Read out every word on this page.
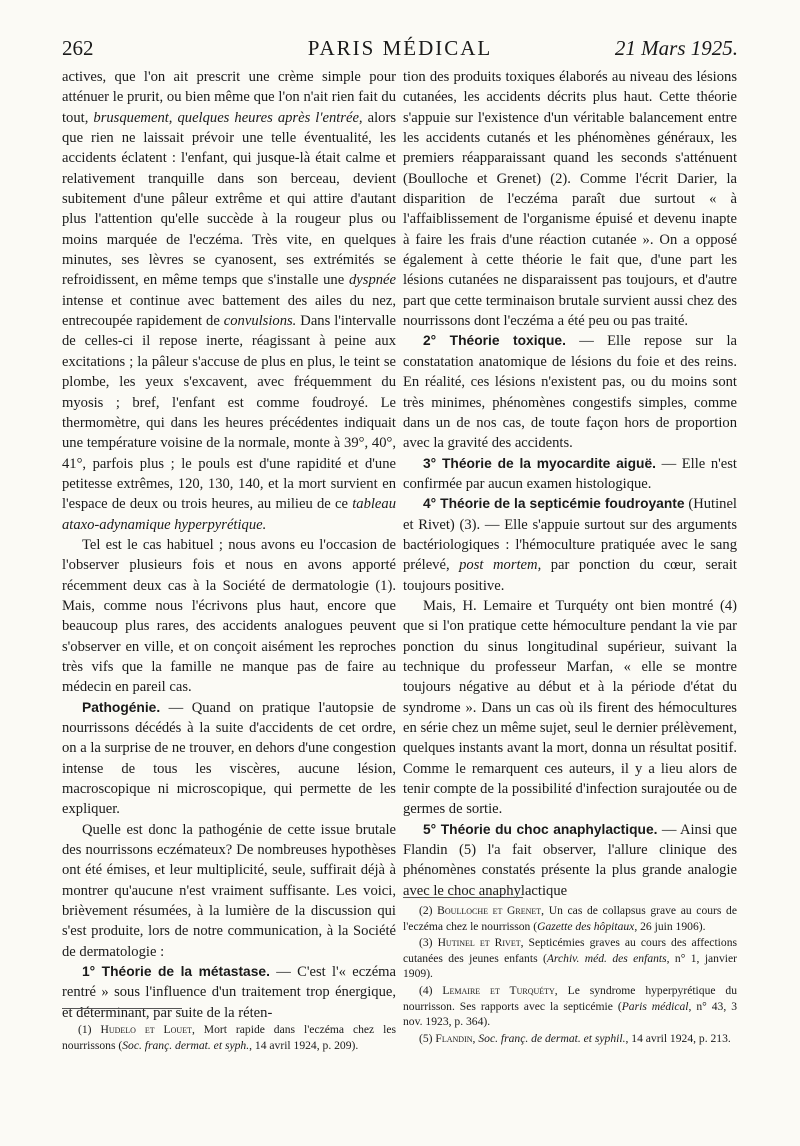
262	PARIS MÉDICAL	21 Mars 1925.

actives, que l'on ait prescrit une crème simple pour atténuer le prurit, ou bien même que l'on n'ait rien fait du tout, brusquement, quelques heures après l'entrée, alors que rien ne laissait prévoir une telle éventualité, les accidents éclatent : l'enfant, qui jusque-là était calme et relativement tranquille dans son berceau, devient subitement d'une pâleur extrême et qui attire d'autant plus l'attention qu'elle succède à la rougeur plus ou moins marquée de l'eczéma. Très vite, en quelques minutes, ses lèvres se cyanosent, ses extrémités se refroidissent, en même temps que s'installe une dyspnée intense et continue avec battement des ailes du nez, entrecoupée rapidement de convulsions. Dans l'intervalle de celles-ci il repose inerte, réagissant à peine aux excitations ; la pâleur s'accuse de plus en plus, le teint se plombe, les yeux s'excavent, avec fréquemment du myosis ; bref, l'enfant est comme foudroyé. Le thermomètre, qui dans les heures précédentes indiquait une température voisine de la normale, monte à 39°, 40°, 41°, parfois plus ; le pouls est d'une rapidité et d'une petitesse extrêmes, 120, 130, 140, et la mort survient en l'espace de deux ou trois heures, au milieu de ce tableau ataxo-adynamique hyperpyrétique.

Tel est le cas habituel ; nous avons eu l'occasion de l'observer plusieurs fois et nous en avons apporté récemment deux cas à la Société de dermatologie (1). Mais, comme nous l'écrivons plus haut, encore que beaucoup plus rares, des accidents analogues peuvent s'observer en ville, et on conçoit aisément les reproches très vifs que la famille ne manque pas de faire au médecin en pareil cas.

Pathogénie. — Quand on pratique l'autopsie de nourrissons décédés à la suite d'accidents de cet ordre, on a la surprise de ne trouver, en dehors d'une congestion intense de tous les viscères, aucune lésion, macroscopique ni microscopique, qui permette de les expliquer.

Quelle est donc la pathogénie de cette issue brutale des nourrissons eczémateux? De nombreuses hypothèses ont été émises, et leur multiplicité, seule, suffirait déjà à montrer qu'aucune n'est vraiment suffisante. Les voici, brièvement résumées, à la lumière de la discussion qui s'est produite, lors de notre communication, à la Société de dermatologie :

1° Théorie de la métastase. — C'est l'« eczéma rentré » sous l'influence d'un traitement trop énergique, et déterminant, par suite de la réten-

(1) Hudelo et Louet, Mort rapide dans l'eczéma chez les nourrissons (Soc. franç. dermat. et syph., 14 avril 1924, p. 209).

tion des produits toxiques élaborés au niveau des lésions cutanées, les accidents décrits plus haut. Cette théorie s'appuie sur l'existence d'un véritable balancement entre les accidents cutanés et les phénomènes généraux, les premiers réapparaissant quand les seconds s'atténuent (Boulloche et Grenet) (2). Comme l'écrit Darier, la disparition de l'eczéma paraît due surtout « à l'affaiblissement de l'organisme épuisé et devenu inapte à faire les frais d'une réaction cutanée ». On a opposé également à cette théorie le fait que, d'une part les lésions cutanées ne disparaissent pas toujours, et d'autre part que cette terminaison brutale survient aussi chez des nourrissons dont l'eczéma a été peu ou pas traité.

2° Théorie toxique. — Elle repose sur la constatation anatomique de lésions du foie et des reins. En réalité, ces lésions n'existent pas, ou du moins sont très minimes, phénomènes congestifs simples, comme dans un de nos cas, de toute façon hors de proportion avec la gravité des accidents.

3° Théorie de la myocardite aiguë. — Elle n'est confirmée par aucun examen histologique.

4° Théorie de la septicémie foudroyante (Hutinel et Rivet) (3). — Elle s'appuie surtout sur des arguments bactériologiques : l'hémoculture pratiquée avec le sang prélevé, post mortem, par ponction du cœur, serait toujours positive.

Mais, H. Lemaire et Turquéty ont bien montré (4) que si l'on pratique cette hémoculture pendant la vie par ponction du sinus longitudinal supérieur, suivant la technique du professeur Marfan, « elle se montre toujours négative au début et à la période d'état du syndrome ». Dans un cas où ils firent des hémocultures en série chez un même sujet, seul le dernier prélèvement, quelques instants avant la mort, donna un résultat positif. Comme le remarquent ces auteurs, il y a lieu alors de tenir compte de la possibilité d'infection surajoutée ou de germes de sortie.

5° Théorie du choc anaphylactique. — Ainsi que Flandin (5) l'a fait observer, l'allure clinique des phénomènes constatés présente la plus grande analogie avec le choc anaphylactique

(2) Boulloche et Grenet, Un cas de collapsus grave au cours de l'eczéma chez le nourrisson (Gazette des hôpitaux, 26 juin 1906).

(3) Hutinel et Rivet, Septicémies graves au cours des affections cutanées des jeunes enfants (Archiv. méd. des enfants, n° 1, janvier 1909).

(4) Lemaire et Turquéty, Le syndrome hyperpyrétique du nourrisson. Ses rapports avec la septicémie (Paris médical, n° 43, 3 nov. 1923, p. 364).

(5) Flandin, Soc. franç. de dermat. et syphil., 14 avril 1924, p. 213.
